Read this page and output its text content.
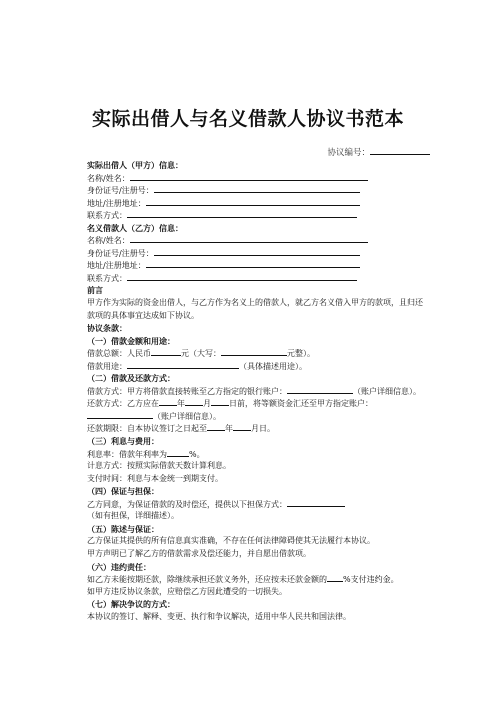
实际出借人与名义借款人协议书范本
协议编号：
实际出借人（甲方）信息：
名称/姓名：
身份证号/注册号：
地址/注册地址：
联系方式：
名义借款人（乙方）信息：
名称/姓名：
身份证号/注册号：
地址/注册地址：
联系方式：
前言
甲方作为实际的资金出借人，与乙方作为名义上的借款人，就乙方名义借入甲方的款项，且归还款项的具体事宜达成如下协议。
协议条款：
（一）借款金额和用途：
借款总额：人民币	元（大写：	元整）。
借款用途：	（具体描述用途）。
（二）借款及还款方式：
借款方式：甲方将借款直接转账至乙方指定的银行账户：	（账户详细信息）。
还款方式：乙方应在 年 月 日前，将等额资金汇还至甲方指定账户：
（账户详细信息）。
还款期限：自本协议签订之日起至 年 月日。
（三）利息与费用：
利息率：借款年利率为	%。
计息方式：按照实际借款天数计算利息。
支付时间：利息与本金统一到期支付。
（四）保证与担保：
乙方同意，为保证借款的及时偿还，提供以下担保方式：
（如有担保，详细描述）。
（五）陈述与保证：
乙方保证其提供的所有信息真实准确，不存在任何法律障碍使其无法履行本协议。
甲方声明已了解乙方的借款需求及偿还能力，并自愿出借款项。
（六）违约责任：
如乙方未能按期还款，除继续承担还款义务外，还应按未还款金额的 %支付违约金。
如甲方违反协议条款，应赔偿乙方因此遭受的一切损失。
（七）解决争议的方式：
本协议的签订、解释、变更、执行和争议解决，适用中华人民共和国法律。
